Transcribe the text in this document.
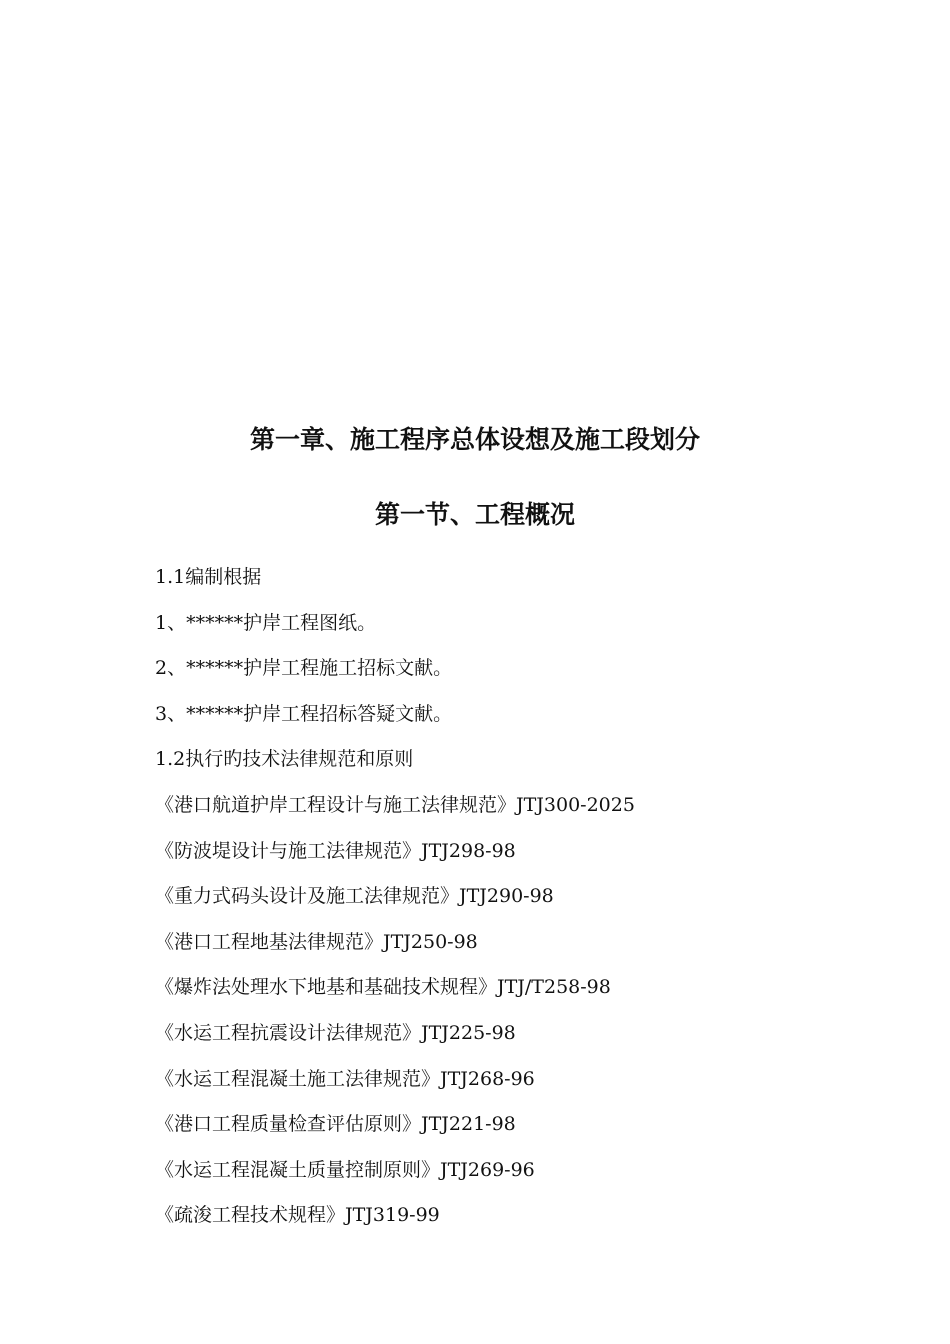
第一章、施工程序总体设想及施工段划分
第一节、工程概况
1.1编制根据
1、******护岸工程图纸。
2、******护岸工程施工招标文献。
3、******护岸工程招标答疑文献。
1.2执行旳技术法律规范和原则
《港口航道护岸工程设计与施工法律规范》JTJ300-2025
《防波堤设计与施工法律规范》JTJ298-98
《重力式码头设计及施工法律规范》JTJ290-98
《港口工程地基法律规范》JTJ250-98
《爆炸法处理水下地基和基础技术规程》JTJ/T258-98
《水运工程抗震设计法律规范》JTJ225-98
《水运工程混凝土施工法律规范》JTJ268-96
《港口工程质量检查评估原则》JTJ221-98
《水运工程混凝土质量控制原则》JTJ269-96
《疏浚工程技术规程》JTJ319-99
